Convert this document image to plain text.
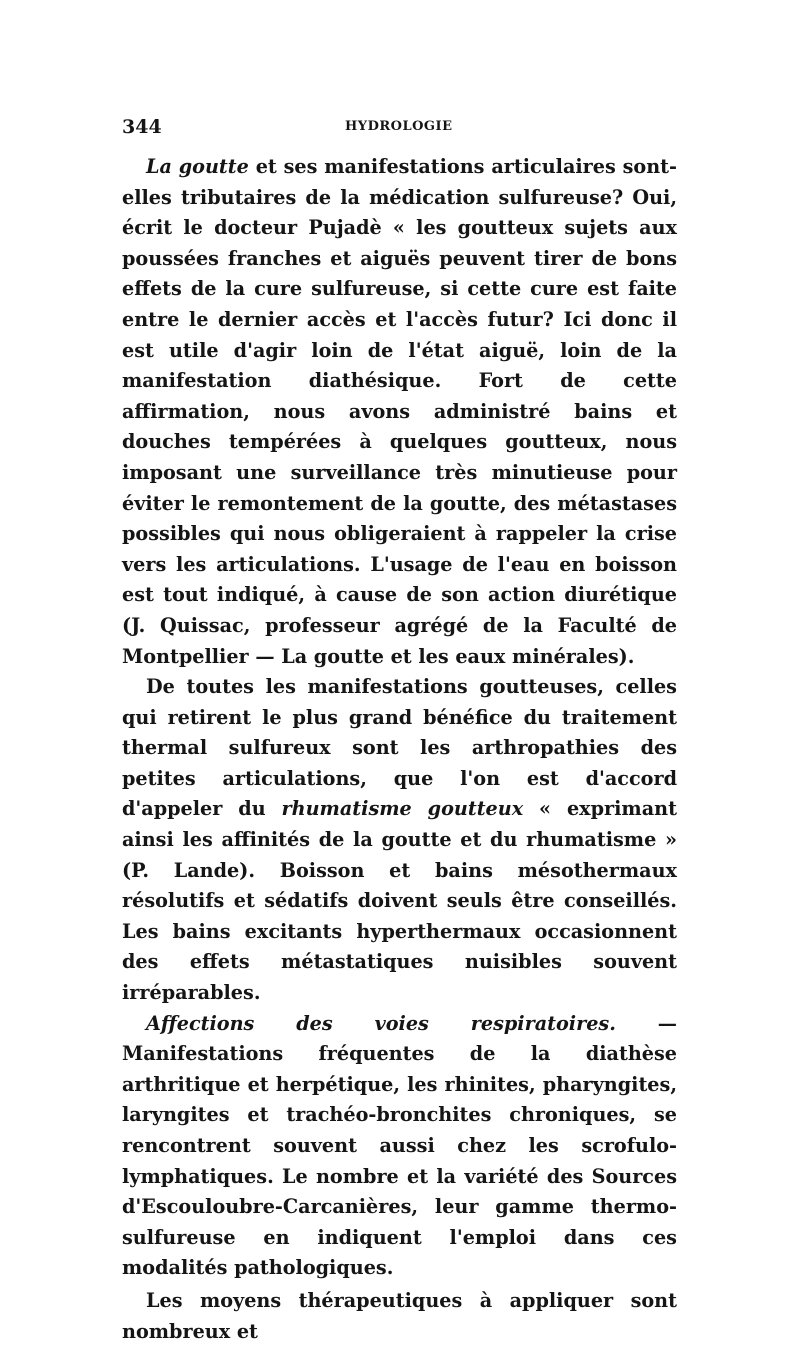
344	HYDROLOGIE

La goutte et ses manifestations articulaires sont-elles tributaires de la médication sulfureuse? Oui, écrit le docteur Pujadè « les goutteux sujets aux poussées franches et aiguës peuvent tirer de bons effets de la cure sulfureuse, si cette cure est faite entre le dernier accès et l'accès futur? Ici donc il est utile d'agir loin de l'état aiguë, loin de la manifestation diathésique. Fort de cette affirmation, nous avons administré bains et douches tempérées à quelques goutteux, nous imposant une surveillance très minutieuse pour éviter le remontement de la goutte, des métastases possibles qui nous obligeraient à rappeler la crise vers les articulations. L'usage de l'eau en boisson est tout indiqué, à cause de son action diurétique (J. Quissac, professeur agrégé de la Faculté de Montpellier — La goutte et les eaux minérales).

De toutes les manifestations goutteuses, celles qui retirent le plus grand bénéfice du traitement thermal sulfureux sont les arthropathies des petites articulations, que l'on est d'accord d'appeler du rhumatisme goutteux « exprimant ainsi les affinités de la goutte et du rhumatisme » (P. Lande). Boisson et bains mésothermaux résolutifs et sédatifs doivent seuls être conseillés. Les bains excitants hyperthermaux occasionnent des effets métastatiques nuisibles souvent irréparables.

Affections des voies respiratoires. — Manifestations fréquentes de la diathèse arthritique et herpétique, les rhinites, pharyngites, laryngites et trachéo-bronchites chroniques, se rencontrent souvent aussi chez les scrofulo-lymphatiques. Le nombre et la variété des Sources d'Escouloubre-Carcanières, leur gamme thermo-sulfureuse en indiquent l'emploi dans ces modalités pathologiques.

Les moyens thérapeutiques à appliquer sont nombreux et
